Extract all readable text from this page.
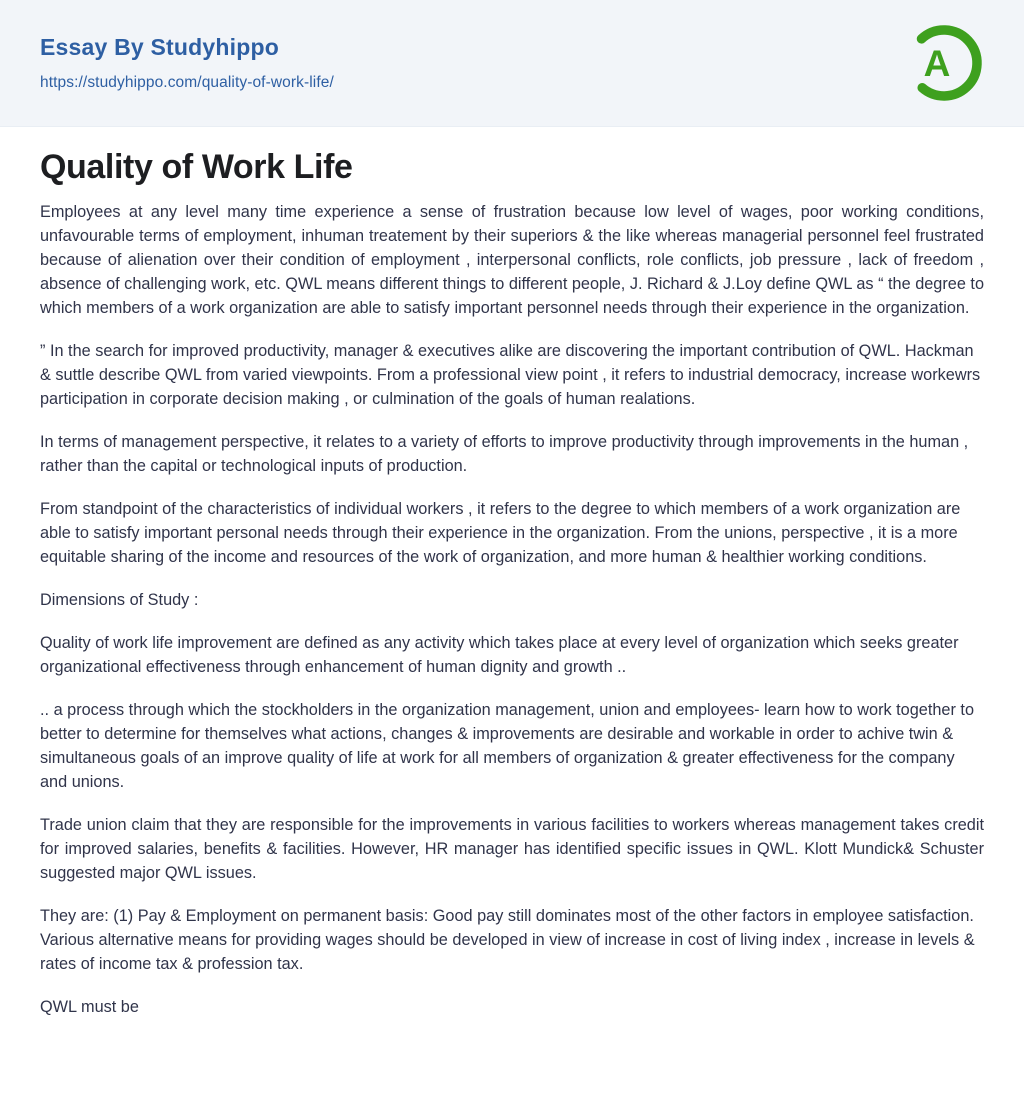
Essay By Studyhippo
https://studyhippo.com/quality-of-work-life/	A
Quality of Work Life

Employees at any level many time experience a sense of frustration because low level of wages, poor working conditions, unfavourable terms of employment, inhuman treatement by their superiors & the like whereas managerial personnel feel frustrated because of alienation over their condition of employment , interpersonal conflicts, role conflicts, job pressure , lack of freedom , absence of challenging work, etc. QWL means different things to different people, J. Richard & J.Loy define QWL as “ the degree to which members of a work organization are able to satisfy important personnel needs through their experience in the organization.

” In the search for improved productivity, manager & executives alike are discovering the important contribution of QWL. Hackman & suttle describe QWL from varied viewpoints. From a professional view point , it refers to industrial democracy, increase workewrs participation in corporate decision making , or culmination of the goals of human realations.

In terms of management perspective, it relates to a variety of efforts to improve productivity through improvements in the human , rather than the capital or technological inputs of production.

From standpoint of the characteristics of individual workers , it refers to the degree to which members of a work organization are able to satisfy important personal needs through their experience in the organization. From the unions, perspective , it is a more equitable sharing of the income and resources of the work of organization, and more human & healthier working conditions.

Dimensions of Study :

Quality of work life improvement are defined as any activity which takes place at every level of organization which seeks greater organizational effectiveness through enhancement of human dignity and growth ..

.. a process through which the stockholders in the organization management, union and employees- learn how to work together to better to determine for themselves what actions, changes & improvements are desirable and workable in order to achive twin & simultaneous goals of an improve quality of life at work for all members of organization & greater effectiveness for the company and unions.

Trade union claim that they are responsible for the improvements in various facilities to workers whereas management takes credit for improved salaries, benefits & facilities. However, HR manager has identified specific issues in QWL. Klott Mundick& Schuster suggested major QWL issues.

They are: (1) Pay & Employment on permanent basis: Good pay still dominates most of the other factors in employee satisfaction. Various alternative means for providing wages should be developed in view of increase in cost of living index , increase in levels & rates of income tax & profession tax.

QWL must be
